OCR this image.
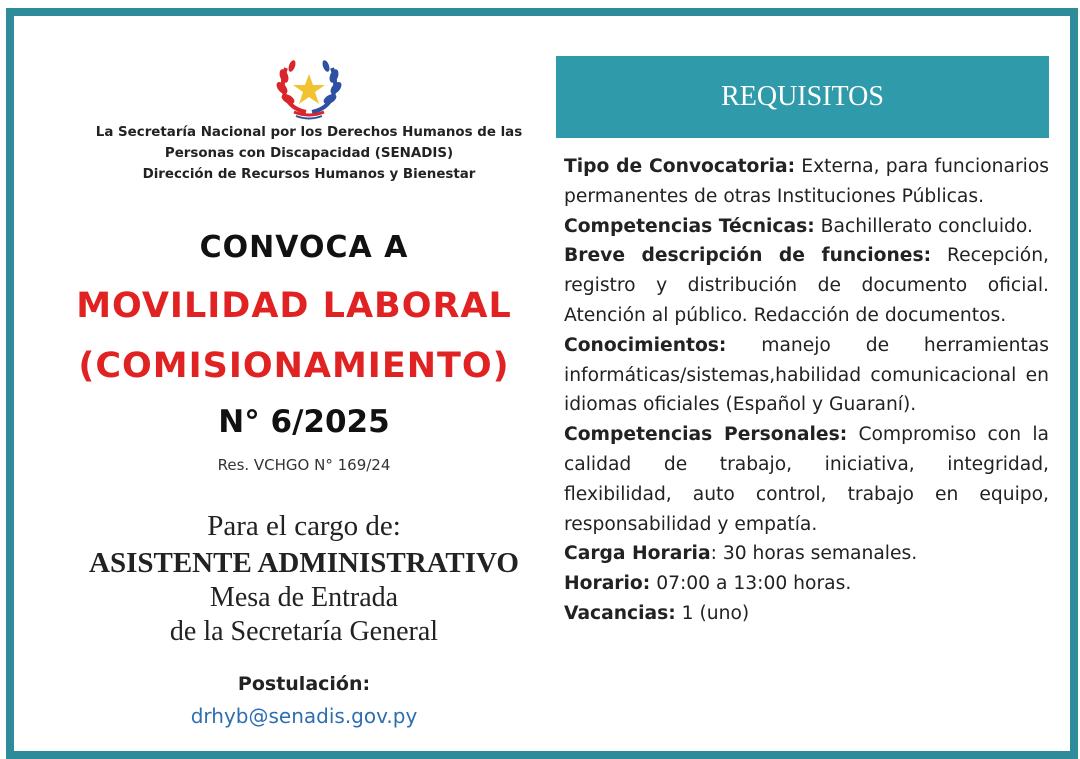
La Secretaría Nacional por los Derechos Humanos de las
Personas con Discapacidad (SENADIS)
Dirección de Recursos Humanos y Bienestar
CONVOCA A
MOVILIDAD LABORAL
(COMISIONAMIENTO)
N° 6/2025
Res. VCHGO N° 169/24
Para el cargo de:
ASISTENTE ADMINISTRATIVO
Mesa de Entrada
de la Secretaría General
Postulación:
drhyb@senadis.gov.py
REQUISITOS

Tipo de Convocatoria: Externa, para funcionarios permanentes de otras Instituciones Públicas.

Competencias Técnicas: Bachillerato concluido.

Breve descripción de funciones: Recepción, registro y distribución de documento oficial. Atención al público. Redacción de documentos.

Conocimientos: manejo de herramientas informáticas/sistemas,habilidad comunicacional en idiomas oficiales (Español y Guaraní).

Competencias Personales: Compromiso con la calidad de trabajo, iniciativa, integridad, flexibilidad, auto control, trabajo en equipo, responsabilidad y empatía.

Carga Horaria: 30 horas semanales.

Horario: 07:00 a 13:00 horas.

Vacancias: 1 (uno)
